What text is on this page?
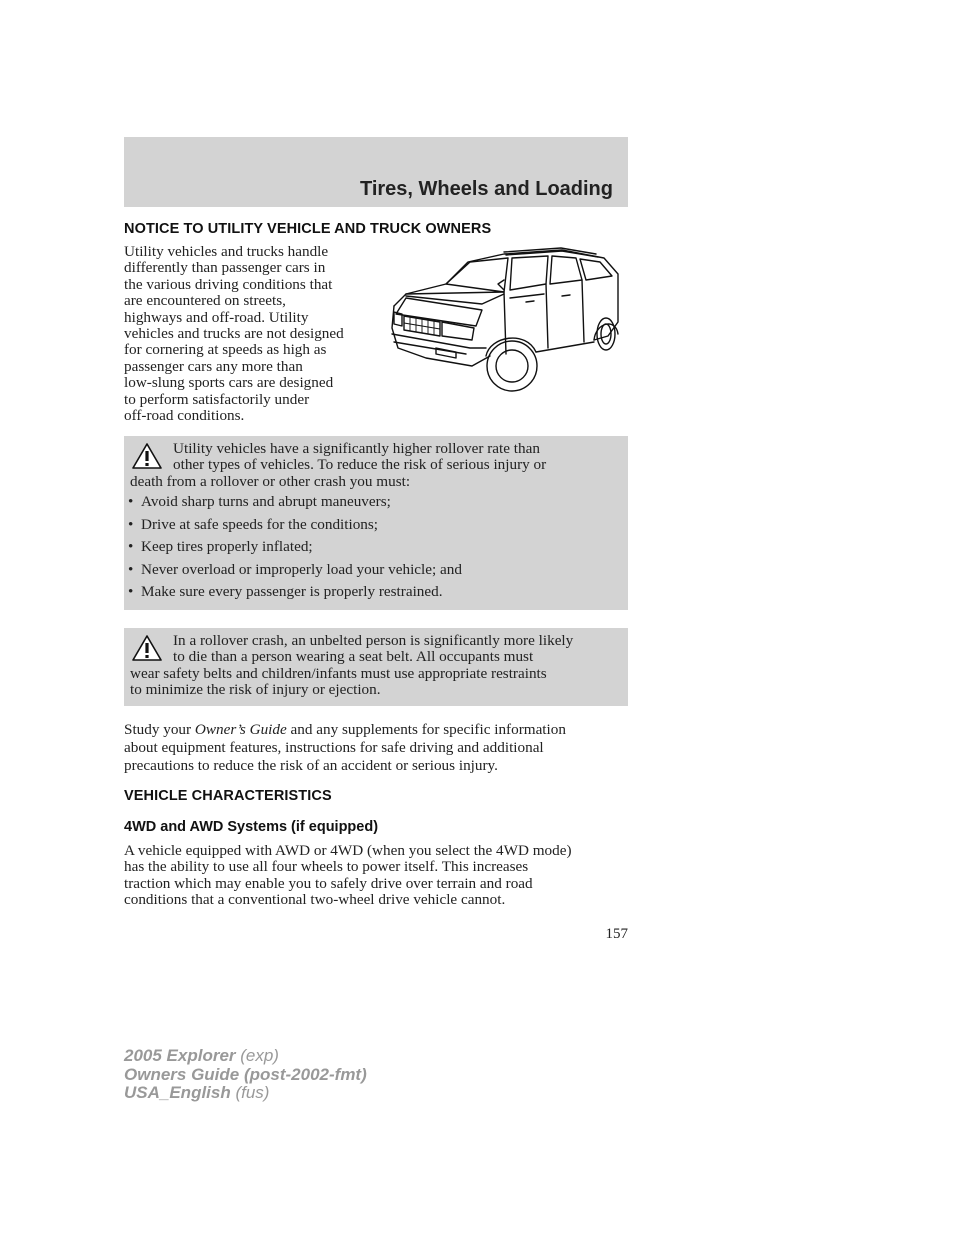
Tires, Wheels and Loading
NOTICE TO UTILITY VEHICLE AND TRUCK OWNERS

Utility vehicles and trucks handle
differently than passenger cars in
the various driving conditions that
are encountered on streets,
highways and off-road. Utility
vehicles and trucks are not designed
for cornering at speeds as high as
passenger cars any more than
low-slung sports cars are designed
to perform satisfactorily under
off-road conditions.

Utility vehicles have a significantly higher rollover rate than
other types of vehicles. To reduce the risk of serious injury or
death from a rollover or other crash you must:
• Avoid sharp turns and abrupt maneuvers;
• Drive at safe speeds for the conditions;
• Keep tires properly inflated;
• Never overload or improperly load your vehicle; and
• Make sure every passenger is properly restrained.
In a rollover crash, an unbelted person is significantly more likely
to die than a person wearing a seat belt. All occupants must
wear safety belts and children/infants must use appropriate restraints
to minimize the risk of injury or ejection.
Study your Owner’s Guide and any supplements for specific information
about equipment features, instructions for safe driving and additional
precautions to reduce the risk of an accident or serious injury.
VEHICLE CHARACTERISTICS
4WD and AWD Systems (if equipped)
A vehicle equipped with AWD or 4WD (when you select the 4WD mode)
has the ability to use all four wheels to power itself. This increases
traction which may enable you to safely drive over terrain and road
conditions that a conventional two-wheel drive vehicle cannot.

157

2005 Explorer (exp)
Owners Guide (post-2002-fmt)
USA_English (fus)
